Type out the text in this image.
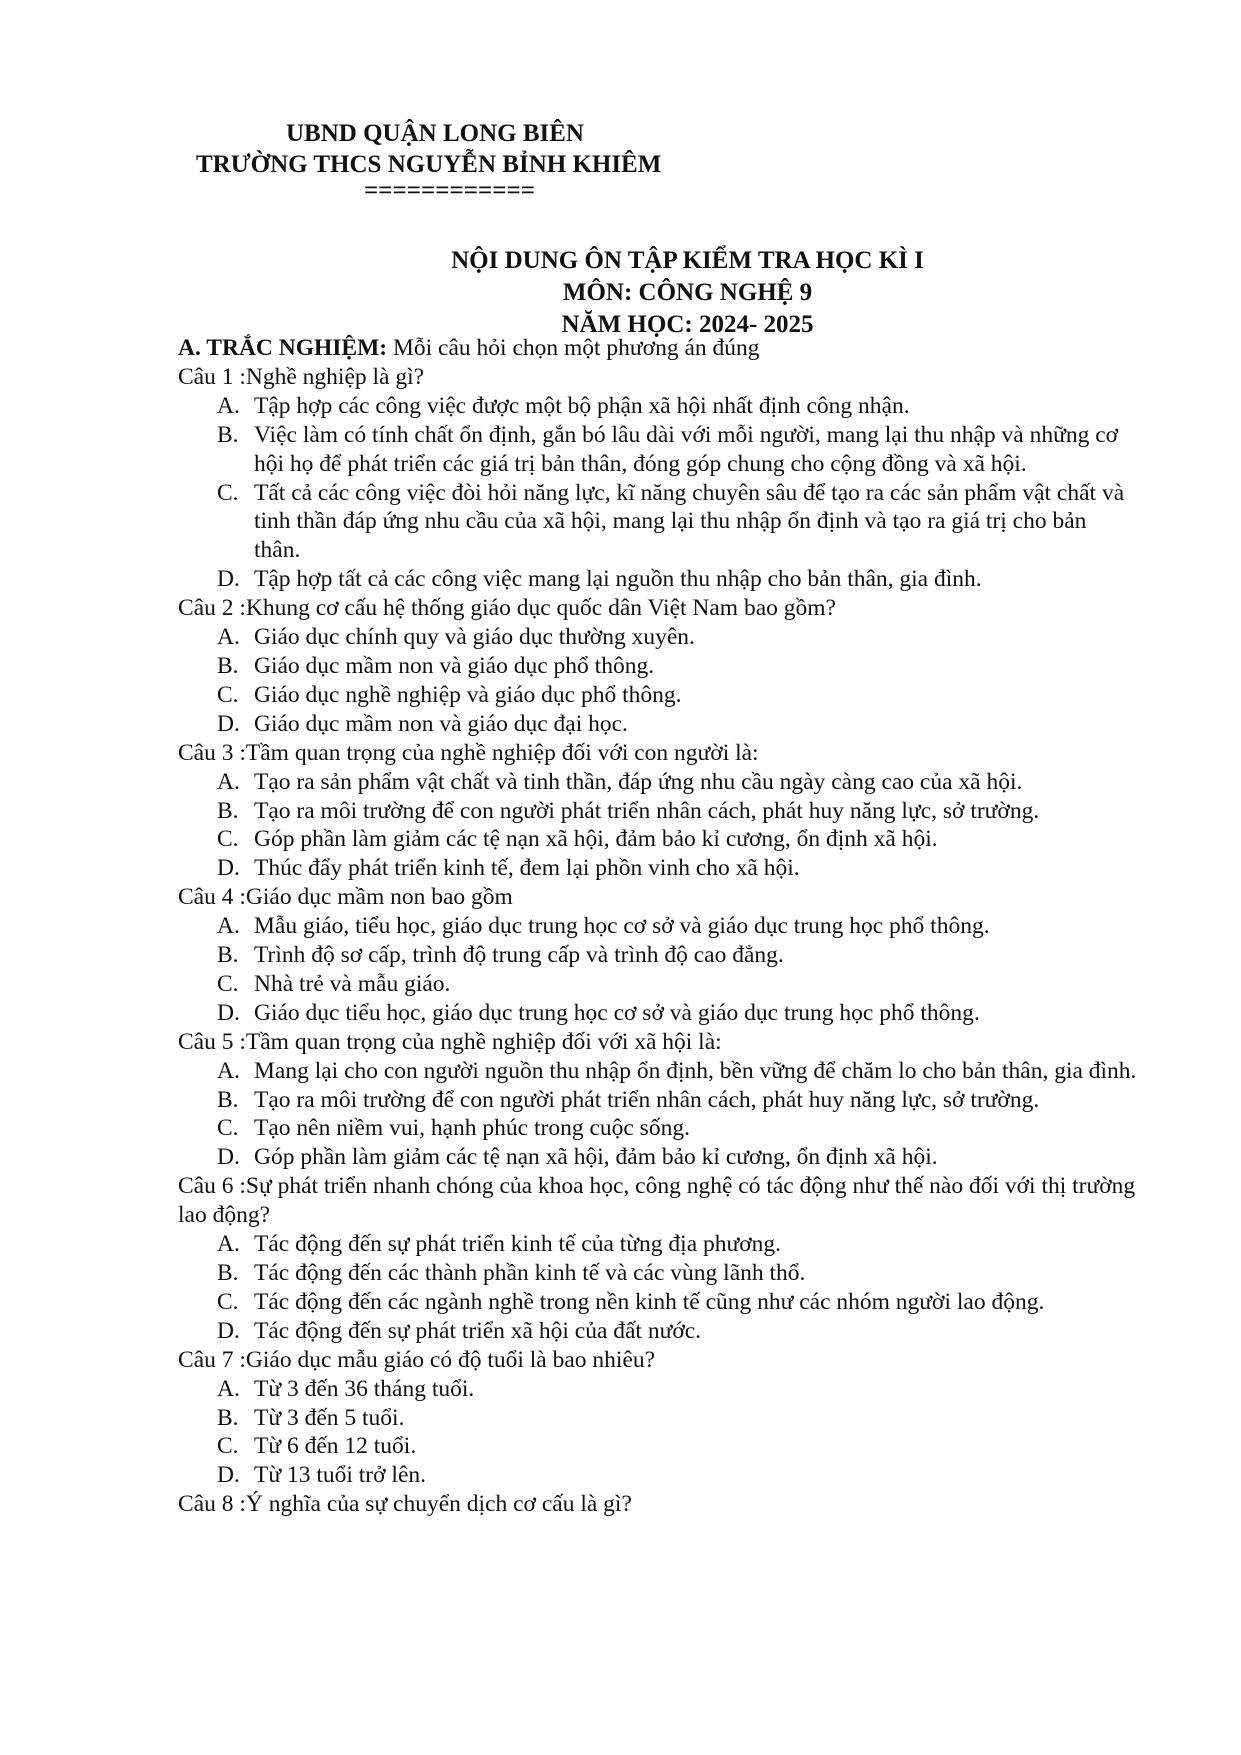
UBND QUẬN LONG BIÊN
TRƯỜNG THCS NGUYỄN BỈNH KHIÊM
============
NỘI DUNG ÔN TẬP KIỂM TRA HỌC KÌ I
MÔN: CÔNG NGHỆ 9
NĂM HỌC: 2024- 2025
A. TRẮC NGHIỆM: Mỗi câu hỏi chọn một phương án đúng

Câu 1 :Nghề nghiệp là gì?

A. Tập hợp các công việc được một bộ phận xã hội nhất định công nhận.
B. Việc làm có tính chất ổn định, gắn bó lâu dài với mỗi người, mang lại thu nhập và những cơ hội họ để phát triển các giá trị bản thân, đóng góp chung cho cộng đồng và xã hội.
C. Tất cả các công việc đòi hỏi năng lực, kĩ năng chuyên sâu để tạo ra các sản phẩm vật chất và tinh thần đáp ứng nhu cầu của xã hội, mang lại thu nhập ổn định và tạo ra giá trị cho bản thân.
D. Tập hợp tất cả các công việc mang lại nguồn thu nhập cho bản thân, gia đình.

Câu 2 :Khung cơ cấu hệ thống giáo dục quốc dân Việt Nam bao gồm?

A. Giáo dục chính quy và giáo dục thường xuyên.
B. Giáo dục mầm non và giáo dục phổ thông.
C. Giáo dục nghề nghiệp và giáo dục phổ thông.
D. Giáo dục mầm non và giáo dục đại học.

Câu 3 :Tầm quan trọng của nghề nghiệp đối với con người là:

A. Tạo ra sản phẩm vật chất và tinh thần, đáp ứng nhu cầu ngày càng cao của xã hội.
B. Tạo ra môi trường để con người phát triển nhân cách, phát huy năng lực, sở trường.
C. Góp phần làm giảm các tệ nạn xã hội, đảm bảo kỉ cương, ổn định xã hội.
D. Thúc đẩy phát triển kinh tế, đem lại phồn vinh cho xã hội.

Câu 4 :Giáo dục mầm non bao gồm

A. Mẫu giáo, tiểu học, giáo dục trung học cơ sở và giáo dục trung học phổ thông.
B. Trình độ sơ cấp, trình độ trung cấp và trình độ cao đẳng.
C. Nhà trẻ và mẫu giáo.
D. Giáo dục tiểu học, giáo dục trung học cơ sở và giáo dục trung học phổ thông.

Câu 5 :Tầm quan trọng của nghề nghiệp đối với xã hội là:

A. Mang lại cho con người nguồn thu nhập ổn định, bền vững để chăm lo cho bản thân, gia đình.
B. Tạo ra môi trường để con người phát triển nhân cách, phát huy năng lực, sở trường.
C. Tạo nên niềm vui, hạnh phúc trong cuộc sống.
D. Góp phần làm giảm các tệ nạn xã hội, đảm bảo kỉ cương, ổn định xã hội.

Câu 6 :Sự phát triển nhanh chóng của khoa học, công nghệ có tác động như thế nào đối với thị trường lao động?

A. Tác động đến sự phát triển kinh tế của từng địa phương.
B. Tác động đến các thành phần kinh tế và các vùng lãnh thổ.
C. Tác động đến các ngành nghề trong nền kinh tế cũng như các nhóm người lao động.
D. Tác động đến sự phát triển xã hội của đất nước.

Câu 7 :Giáo dục mẫu giáo có độ tuổi là bao nhiêu?

A. Từ 3 đến 36 tháng tuổi.
B. Từ 3 đến 5 tuổi.
C. Từ 6 đến 12 tuổi.
D. Từ 13 tuổi trở lên.

Câu 8 :Ý nghĩa của sự chuyển dịch cơ cấu là gì?
